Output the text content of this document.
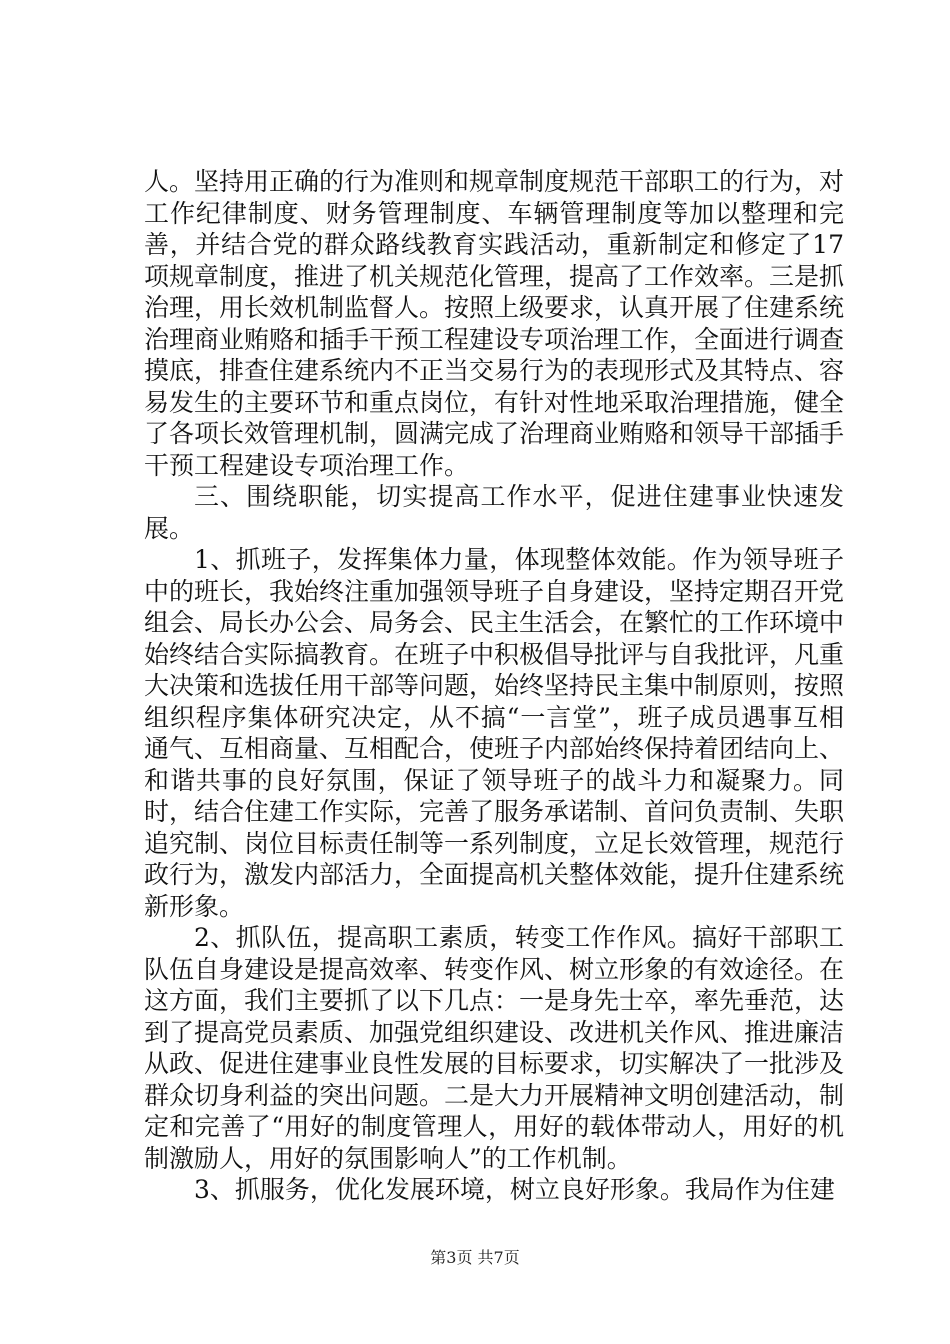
人。坚持用正确的行为准则和规章制度规范干部职工的行为，对工作纪律制度、财务管理制度、车辆管理制度等加以整理和完善，并结合党的群众路线教育实践活动，重新制定和修定了17项规章制度，推进了机关规范化管理，提高了工作效率。三是抓治理，用长效机制监督人。按照上级要求，认真开展了住建系统治理商业贿赂和插手干预工程建设专项治理工作，全面进行调查摸底，排查住建系统内不正当交易行为的表现形式及其特点、容易发生的主要环节和重点岗位，有针对性地采取治理措施，健全了各项长效管理机制，圆满完成了治理商业贿赂和领导干部插手干预工程建设专项治理工作。

三、围绕职能，切实提高工作水平，促进住建事业快速发展。

1、抓班子，发挥集体力量，体现整体效能。作为领导班子中的班长，我始终注重加强领导班子自身建设，坚持定期召开党组会、局长办公会、局务会、民主生活会，在繁忙的工作环境中始终结合实际搞教育。在班子中积极倡导批评与自我批评，凡重大决策和选拔任用干部等问题，始终坚持民主集中制原则，按照组织程序集体研究决定，从不搞“一言堂”，班子成员遇事互相通气、互相商量、互相配合，使班子内部始终保持着团结向上、和谐共事的良好氛围，保证了领导班子的战斗力和凝聚力。同时，结合住建工作实际，完善了服务承诺制、首问负责制、失职追究制、岗位目标责任制等一系列制度，立足长效管理，规范行政行为，激发内部活力，全面提高机关整体效能，提升住建系统新形象。

2、抓队伍，提高职工素质，转变工作作风。搞好干部职工队伍自身建设是提高效率、转变作风、树立形象的有效途径。在这方面，我们主要抓了以下几点：一是身先士卒，率先垂范，达到了提高党员素质、加强党组织建设、改进机关作风、推进廉洁从政、促进住建事业良性发展的目标要求，切实解决了一批涉及群众切身利益的突出问题。二是大力开展精神文明创建活动，制定和完善了“用好的制度管理人，用好的载体带动人，用好的机制激励人，用好的氛围影响人”的工作机制。

3、抓服务，优化发展环境，树立良好形象。我局作为住建

第3页 共7页
